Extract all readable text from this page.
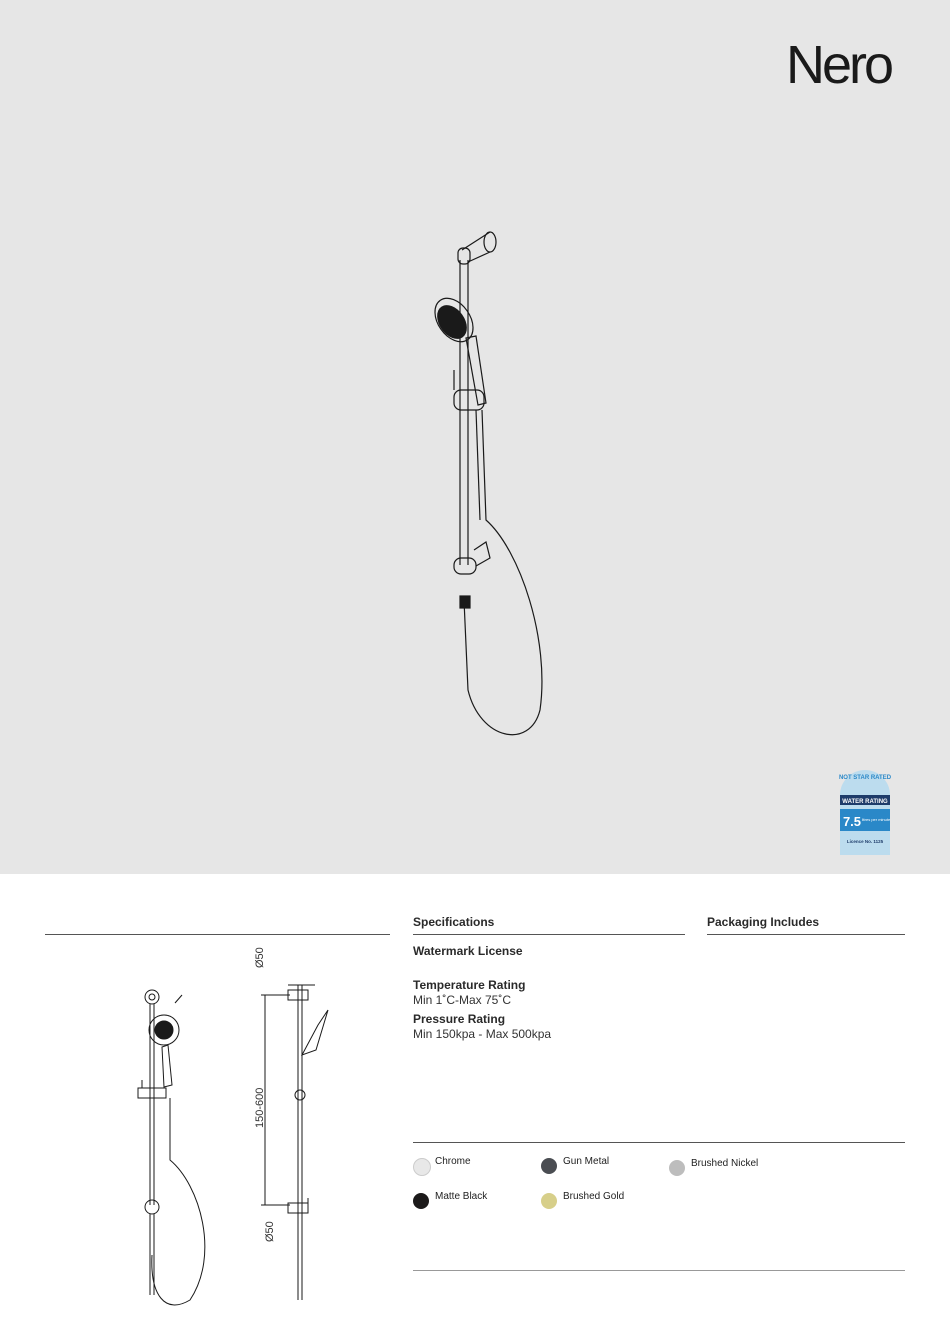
Nero
NOT STAR RATED
WATER RATING
7.5 litres per minute
Licence No. 1125
Specifications	Packaging Includes
Watermark License
Temperature Rating
Min 1˚C-Max 75˚C
Pressure Rating
Min 150kpa - Max 500kpa
Chrome	Gun Metal	Brushed Nickel
Matte Black	Brushed Gold
Ø50
150-600
Ø50
